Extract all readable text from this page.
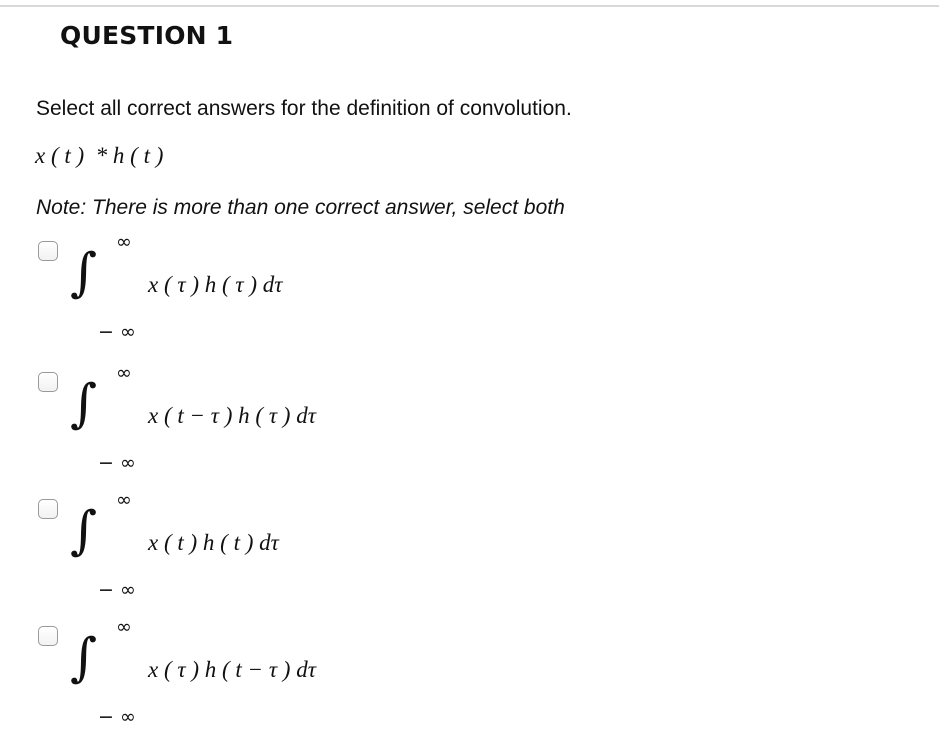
QUESTION 1
Select all correct answers for the definition of convolution.
x ( t )  * h ( t )
Note: There is more than one correct answer, select both
∫
∞
− ∞
x ( τ ) h ( τ ) dτ
∫
∞
− ∞
x ( t − τ ) h ( τ ) dτ
∫
∞
− ∞
x ( t ) h ( t ) dτ
∫
∞
− ∞
x ( τ ) h ( t − τ ) dτ
